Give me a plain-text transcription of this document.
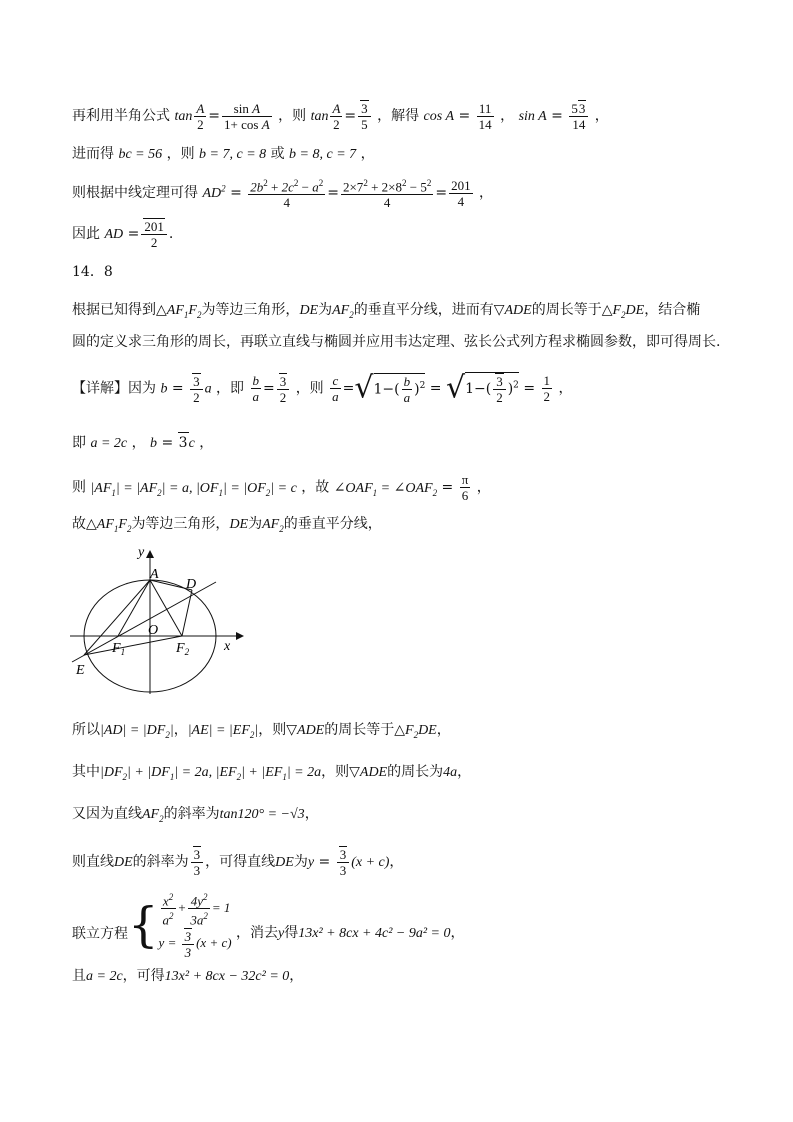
再利用半角公式 $\tan \frac{A}{2} = \frac{\text{sin A}}{\text{1+ cos A}}$ ，则 $\tan \frac{A}{2} = \frac{3}{5}$ ，解得 $\cos A = \frac{11}{14}$ ， $\sin A = \frac{53}{14}$ ，
进而得 bc = 56 ，则 b = 7, c = 8 或 b = 8, c = 7 ，
则根据中线定理可得 $AD^2 = \frac{2b^2 + 2c^2 - a^2}{4} = \frac{2\times 7^2 + 2\times 8^2 - 5^2}{4} = \frac{201}{4}$ ，
因此 AD = $\frac{201}{2}$ .
14．8
根据已知得到$\triangle AF_1F_2$为等边三角形，DE为$AF_2$的垂直平分线，进而有▽ADE的周长等于$\triangle F_2DE$，结合椭
圆的定义求三角形的周长，再联立直线与椭圆并应用韦达定理、弦长公式列方程求椭圆参数，即可得周长.
【详解】因为 $b = \frac{3}{2}$ a ，即 $\frac{b}{a} = \frac{3}{2}$ ，则 $\frac{c}{a} =√1-( \frac{b}{a} )^2 = √1-( \frac{3}{2} )^2 = \frac{1}{2}$ ，
即 a = 2c ， b = 3c ，
则 $|AF_1| = |AF_2| = a$, $|OF_1| = |OF_2| = c$ ，故 $\angle OAF_1$ = $\angle OAF_2 = \frac{\pi}{6}$ ，
故$\triangle AF_1F_2$为等边三角形，DE为$AF_2$的垂直平分线，
y
x
A
D
O
$F_1$	$F_2$
E
所以$|AD| = |DF_2|$，$|AE| = |EF_2|$，则▽ADE的周长等于$\triangle F_2DE$，
其中$|DF_2| + |DF_1| = 2a$, $|EF_2| + |EF_1| = 2a$，则▽ADE的周长为4a，
又因为直线$AF_2$的斜率为tan120° = −√3，
则直线DE的斜率为 $\frac{3}{3}$ ，可得直线DE为$y = \frac{3}{3} (x + c)$，
联立方程{ $\frac{x^2}{a^2} + \frac{4y^2}{3a^2} = 1$
$y = \frac{3}{3} (x + c)$
，消去y得13x² + 8cx + 4c² − 9a² = 0，
且a = 2c，可得13x² + 8cx − 32c² = 0，
